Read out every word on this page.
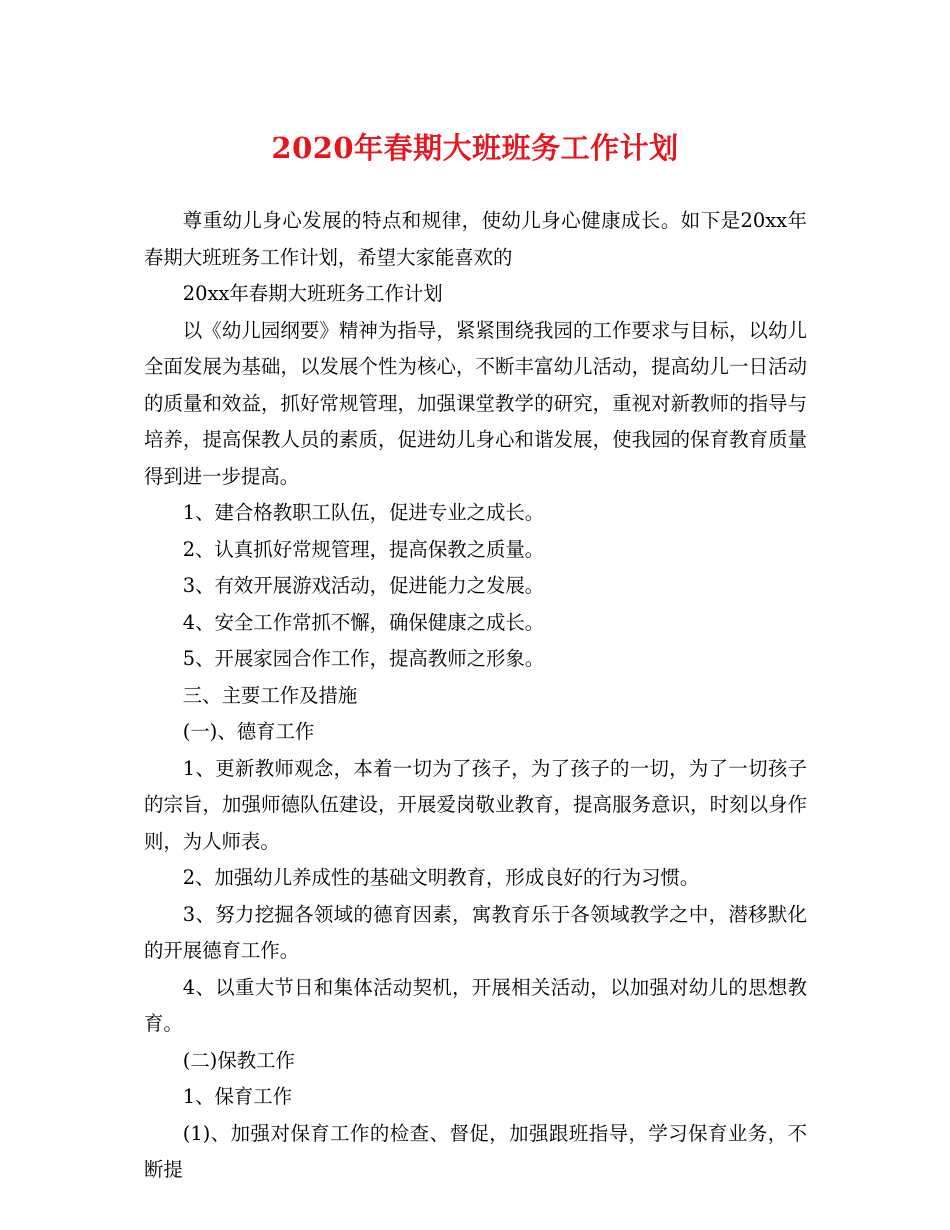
2020年春期大班班务工作计划

尊重幼儿身心发展的特点和规律，使幼儿身心健康成长。如下是20xx年春期大班班务工作计划，希望大家能喜欢的

20xx年春期大班班务工作计划

以《幼儿园纲要》精神为指导，紧紧围绕我园的工作要求与目标，以幼儿全面发展为基础，以发展个性为核心，不断丰富幼儿活动，提高幼儿一日活动的质量和效益，抓好常规管理，加强课堂教学的研究，重视对新教师的指导与培养，提高保教人员的素质，促进幼儿身心和谐发展，使我园的保育教育质量得到进一步提高。

1、建合格教职工队伍，促进专业之成长。

2、认真抓好常规管理，提高保教之质量。

3、有效开展游戏活动，促进能力之发展。

4、安全工作常抓不懈，确保健康之成长。

5、开展家园合作工作，提高教师之形象。

三、主要工作及措施

(一)、德育工作

1、更新教师观念，本着一切为了孩子，为了孩子的一切，为了一切孩子的宗旨，加强师德队伍建设，开展爱岗敬业教育，提高服务意识，时刻以身作则，为人师表。

2、加强幼儿养成性的基础文明教育，形成良好的行为习惯。

3、努力挖掘各领域的德育因素，寓教育乐于各领域教学之中，潜移默化的开展德育工作。

4、以重大节日和集体活动契机，开展相关活动，以加强对幼儿的思想教育。

(二)保教工作

1、保育工作

(1)、加强对保育工作的检查、督促，加强跟班指导，学习保育业务，不断提
